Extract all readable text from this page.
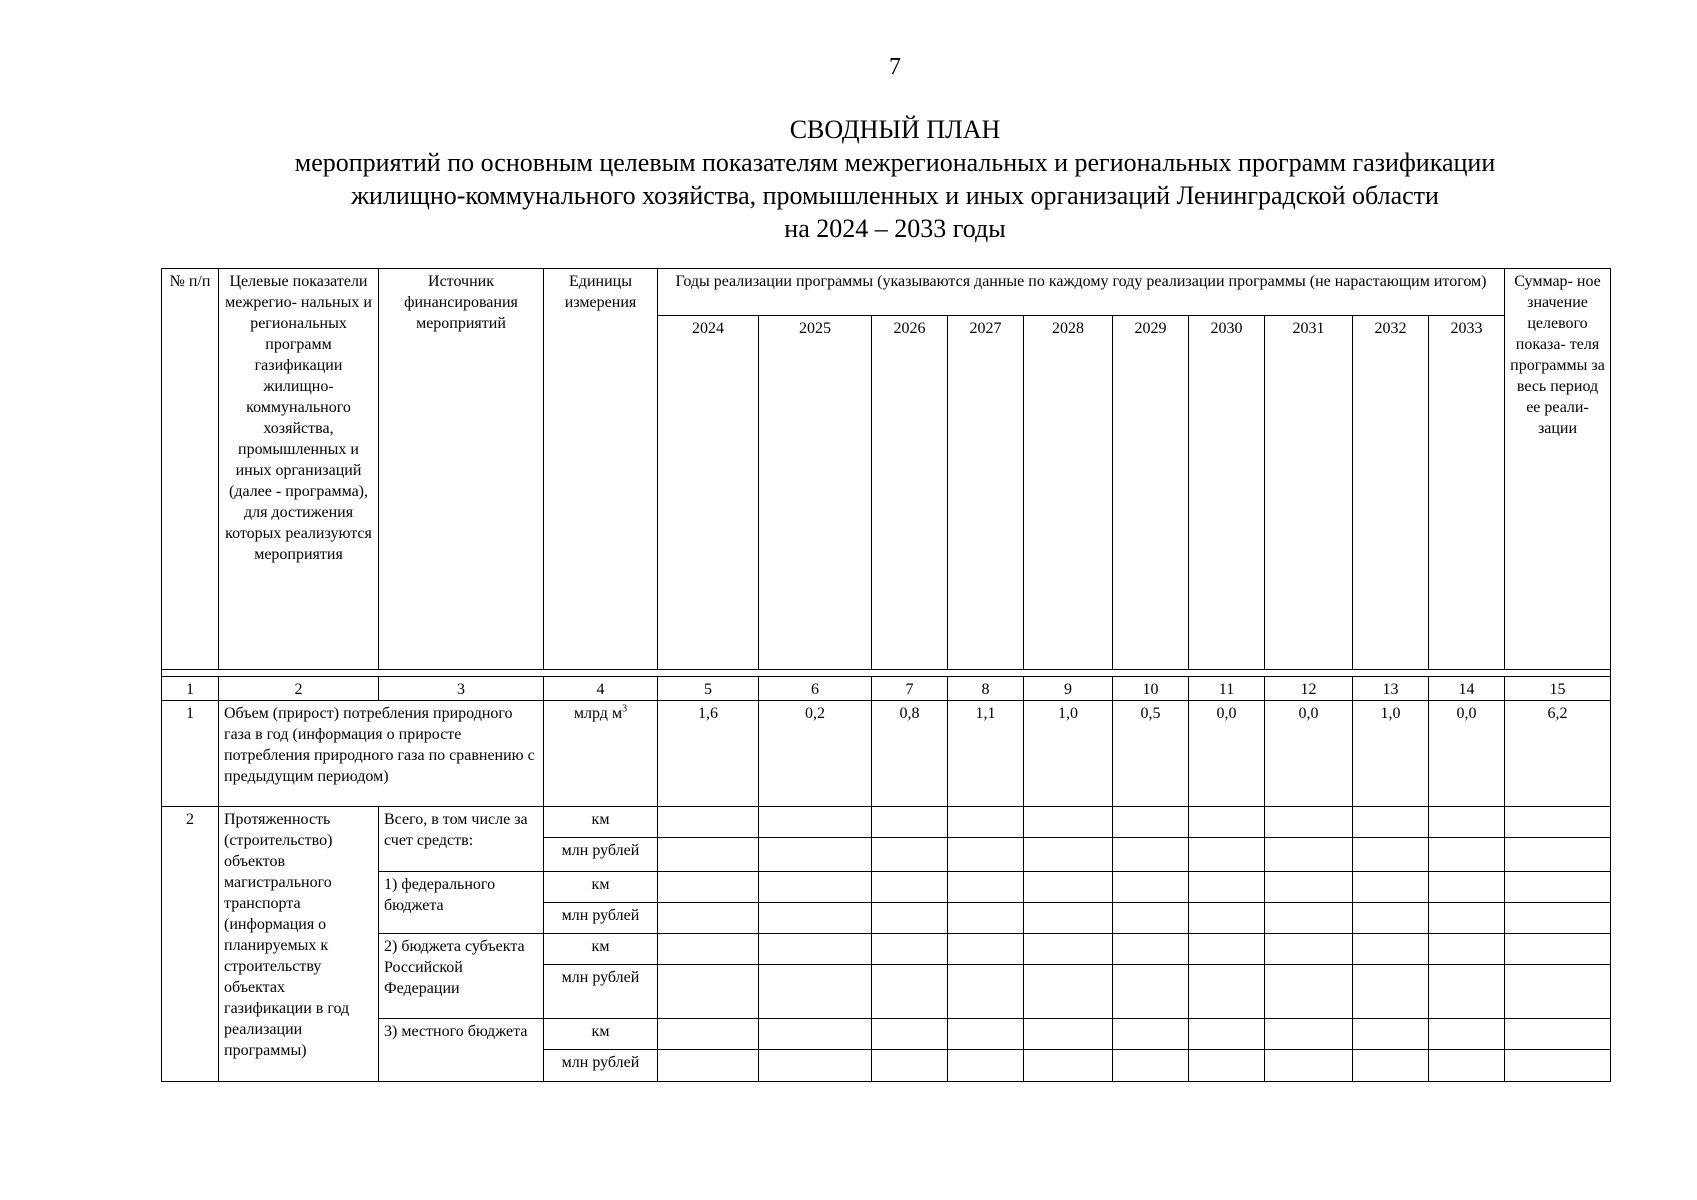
7
СВОДНЫЙ ПЛАН
мероприятий по основным целевым показателям межрегиональных и региональных программ газификации
жилищно-коммунального хозяйства, промышленных и иных организаций Ленинградской области
на 2024 – 2033 годы
№ п/п	Целевые показатели межрегио- нальных и региональных программ газификации жилищно- коммунального хозяйства, промышленных и иных организаций (далее - программа), для достижения которых реализуются мероприятия	Источник финансирования мероприятий	Единицы измерения	Годы реализации программы (указываются данные по каждому году реализации программы (не нарастающим итогом)										Суммар- ное значение целевого показа- теля программы за весь период ее реали- зации
				2024	2025	2026	2027	2028	2029	2030	2031	2032	2033	

1	2	3	4	5	6	7	8	9	10	11	12	13	14	15
1	Объем (прирост) потребления природного газа в год (информация о приросте потребления природного газа по сравнению с предыдущим периодом)		млрд $м^3$	1,6	0,2	0,8	1,1	1,0	0,5	0,0	0,0	1,0	0,0	6,2
2	Протяженность (строительство) объектов магистрального транспорта (информация о планируемых к строительству объектах газификации в год реализации программы)	Всего, в том числе за счет средств:	км											
			млн рублей											
		1) федерального бюджета	км											
			млн рублей											
		2) бюджета субъекта Российской Федерации	км											
			млн рублей											
		3) местного бюджета	км											
			млн рублей											
